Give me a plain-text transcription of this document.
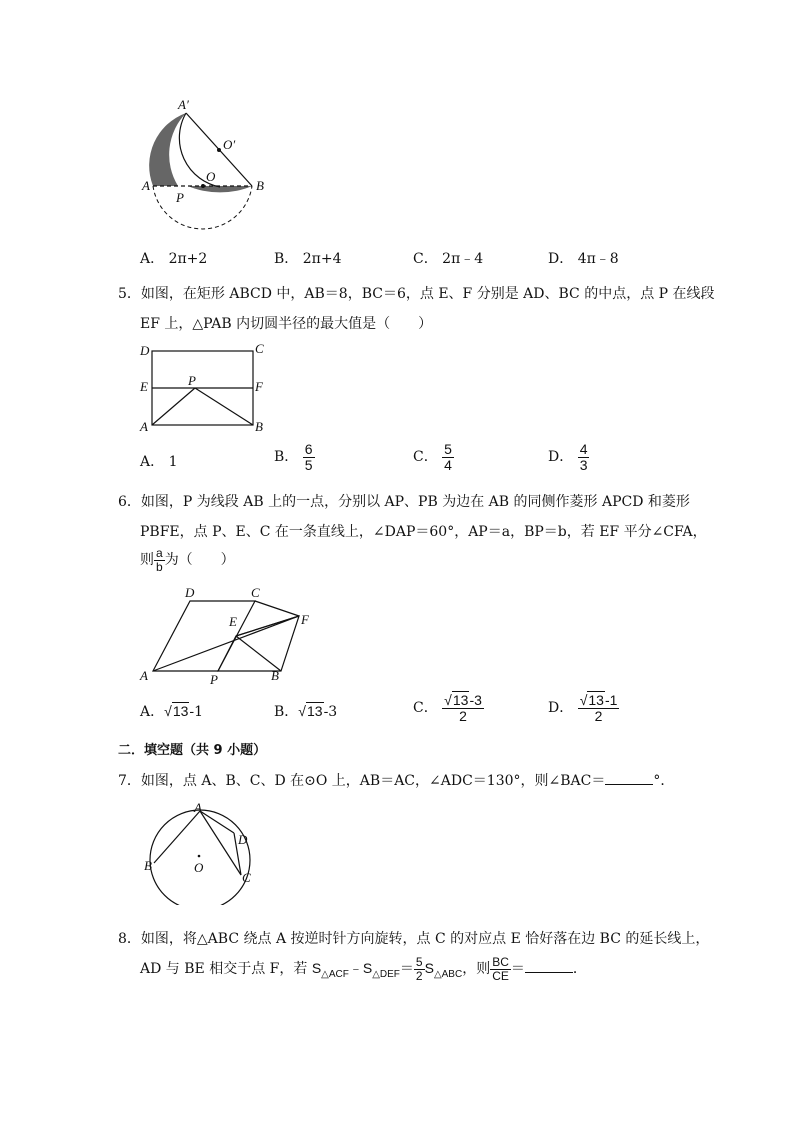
A′
O′
O
A	B
P
A． 2π+2	B． 2π+4	C． 2π﹣4	D． 4π﹣8
5．如图，在矩形 ABCD 中，AB＝8，BC＝6，点 E、F 分别是 AD、BC 的中点，点 P 在线段
EF 上，△PAB 内切圆半径的最大值是（　　）
D	C
E	P	F
A	B
A． 1	B． $\frac{6}{5}$	C． $\frac{5}{4}$	D． $\frac{4}{3}$
6．如图，P 为线段 AB 上的一点，分别以 AP、PB 为边在 AB 的同侧作菱形 APCD 和菱形
PBFE，点 P、E、C 在一条直线上，∠DAP＝60°，AP＝a，BP＝b，若 EF 平分∠CFA，
则 $\frac{a}{b}$ 为（　　）
D	C
E	F
A	P	B
A．√13-1	B．√13-3	C． $\frac{√13-3}{2}$	D． $\frac{√13-1}{2}$
二．填空题（共 9 小题）
7．如图，点 A、B、C、D 在⊙O 上，AB＝AC，∠ADC＝130°，则∠BAC＝	°．
A
B
C
D
O
8．如图，将△ABC 绕点 A 按逆时针方向旋转，点 C 的对应点 E 恰好落在边 BC 的延长线上，
AD 与 BE 相交于点 F，若 $S_{\triangle ACF}﹣S_{\triangle DEF}= \frac{5}{2} S_{\triangle ABC}$，则 $\frac{BC}{CE}$ ＝	．
